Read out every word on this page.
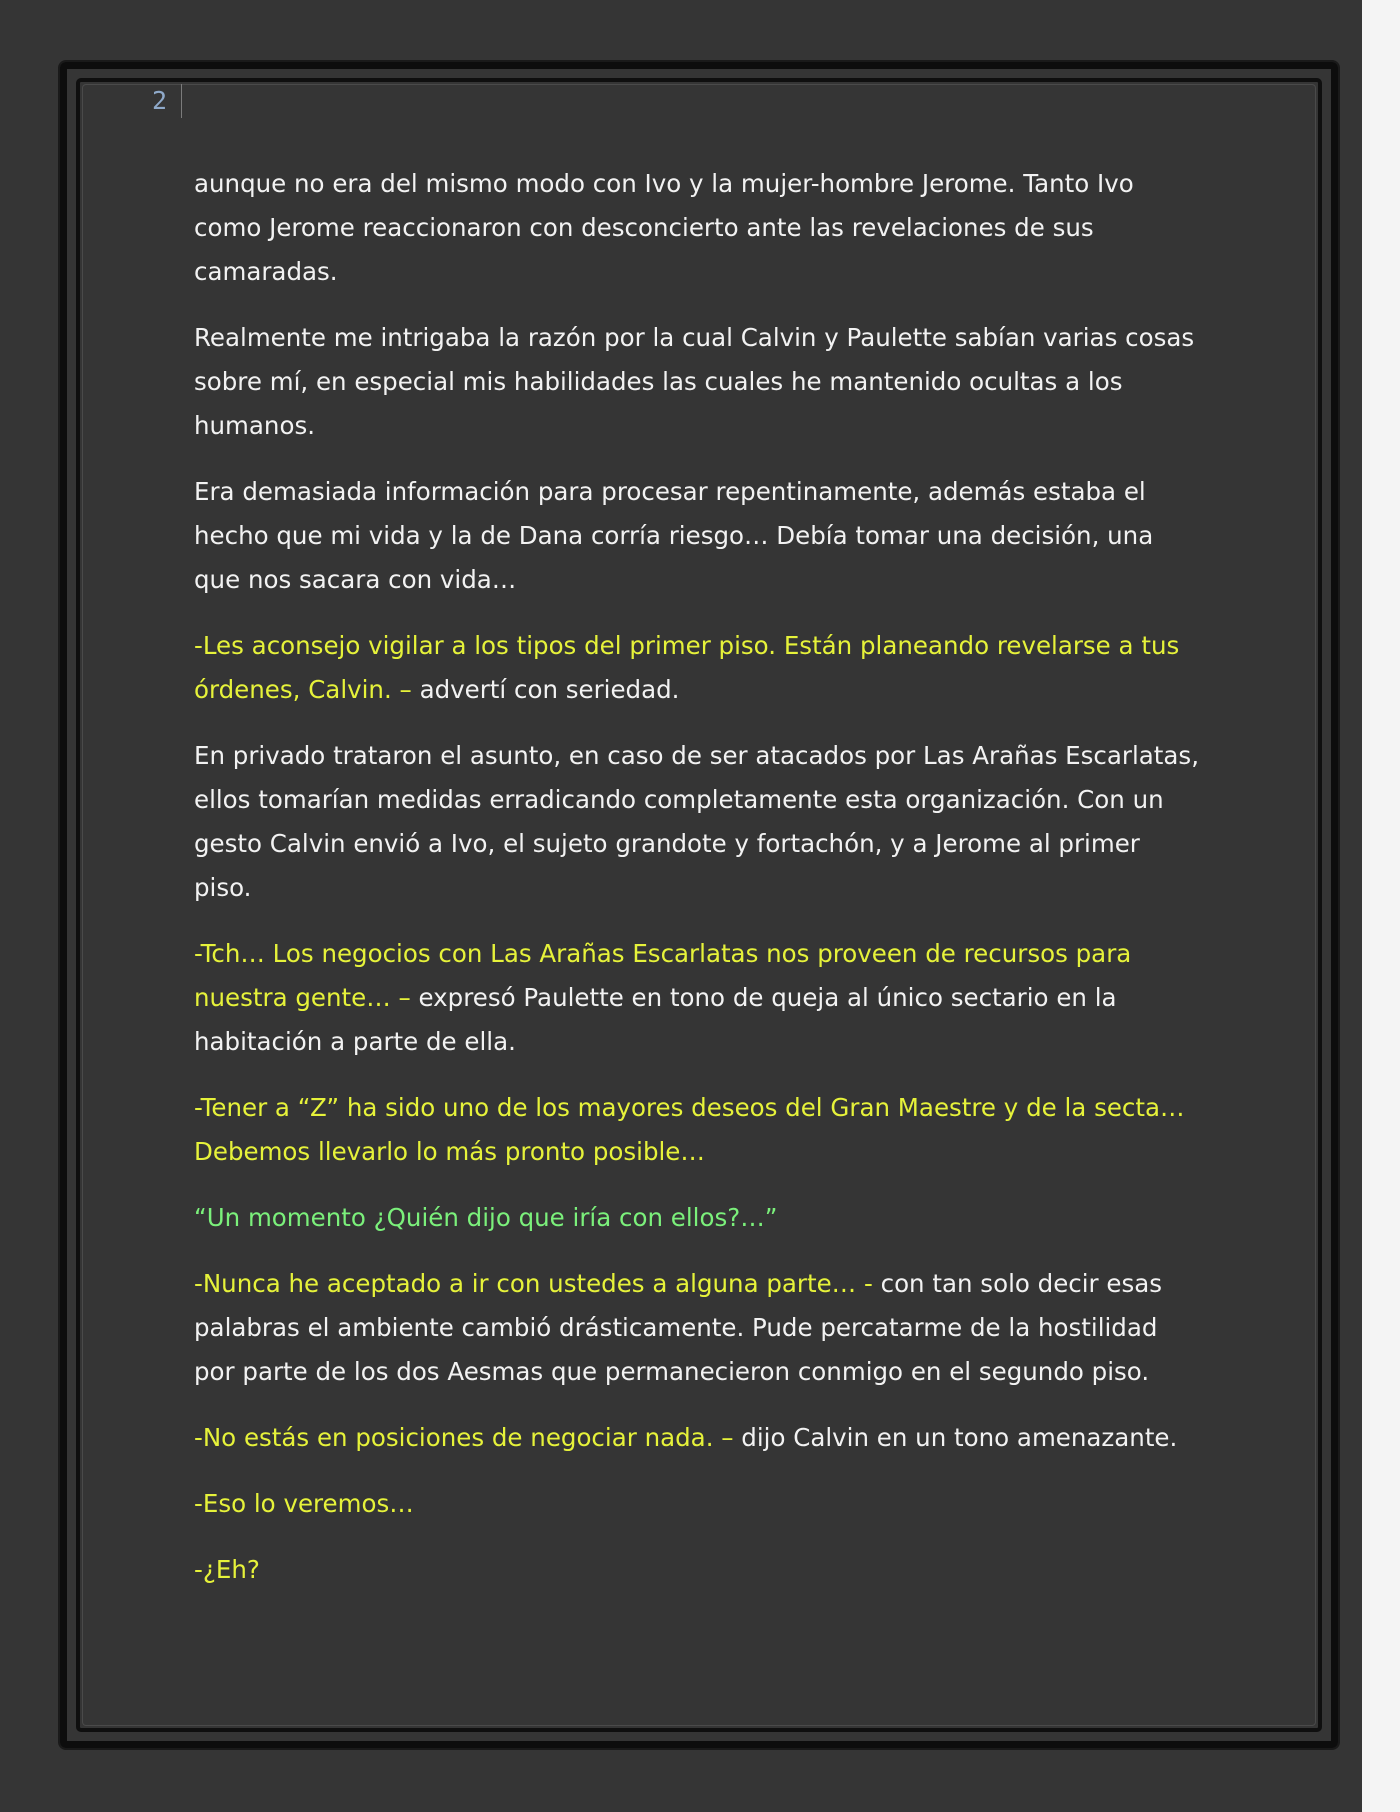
2

aunque no era del mismo modo con Ivo y la mujer-hombre Jerome. Tanto Ivo como Jerome reaccionaron con desconcierto ante las revelaciones de sus camaradas.

Realmente me intrigaba la razón por la cual Calvin y Paulette sabían varias cosas sobre mí, en especial mis habilidades las cuales he mantenido ocultas a los humanos.

Era demasiada información para procesar repentinamente, además estaba el hecho que mi vida y la de Dana corría riesgo… Debía tomar una decisión, una que nos sacara con vida…

-Les aconsejo vigilar a los tipos del primer piso. Están planeando revelarse a tus órdenes, Calvin. – advertí con seriedad.

En privado trataron el asunto, en caso de ser atacados por Las Arañas Escarlatas, ellos tomarían medidas erradicando completamente esta organización. Con un gesto Calvin envió a Ivo, el sujeto grandote y fortachón, y a Jerome al primer piso.

-Tch… Los negocios con Las Arañas Escarlatas nos proveen de recursos para nuestra gente… – expresó Paulette en tono de queja al único sectario en la habitación a parte de ella.

-Tener a “Z” ha sido uno de los mayores deseos del Gran Maestre y de la secta… Debemos llevarlo lo más pronto posible…

“Un momento ¿Quién dijo que iría con ellos?…”

-Nunca he aceptado a ir con ustedes a alguna parte… - con tan solo decir esas palabras el ambiente cambió drásticamente. Pude percatarme de la hostilidad por parte de los dos Aesmas que permanecieron conmigo en el segundo piso.

-No estás en posiciones de negociar nada. – dijo Calvin en un tono amenazante.

-Eso lo veremos…

-¿Eh?
